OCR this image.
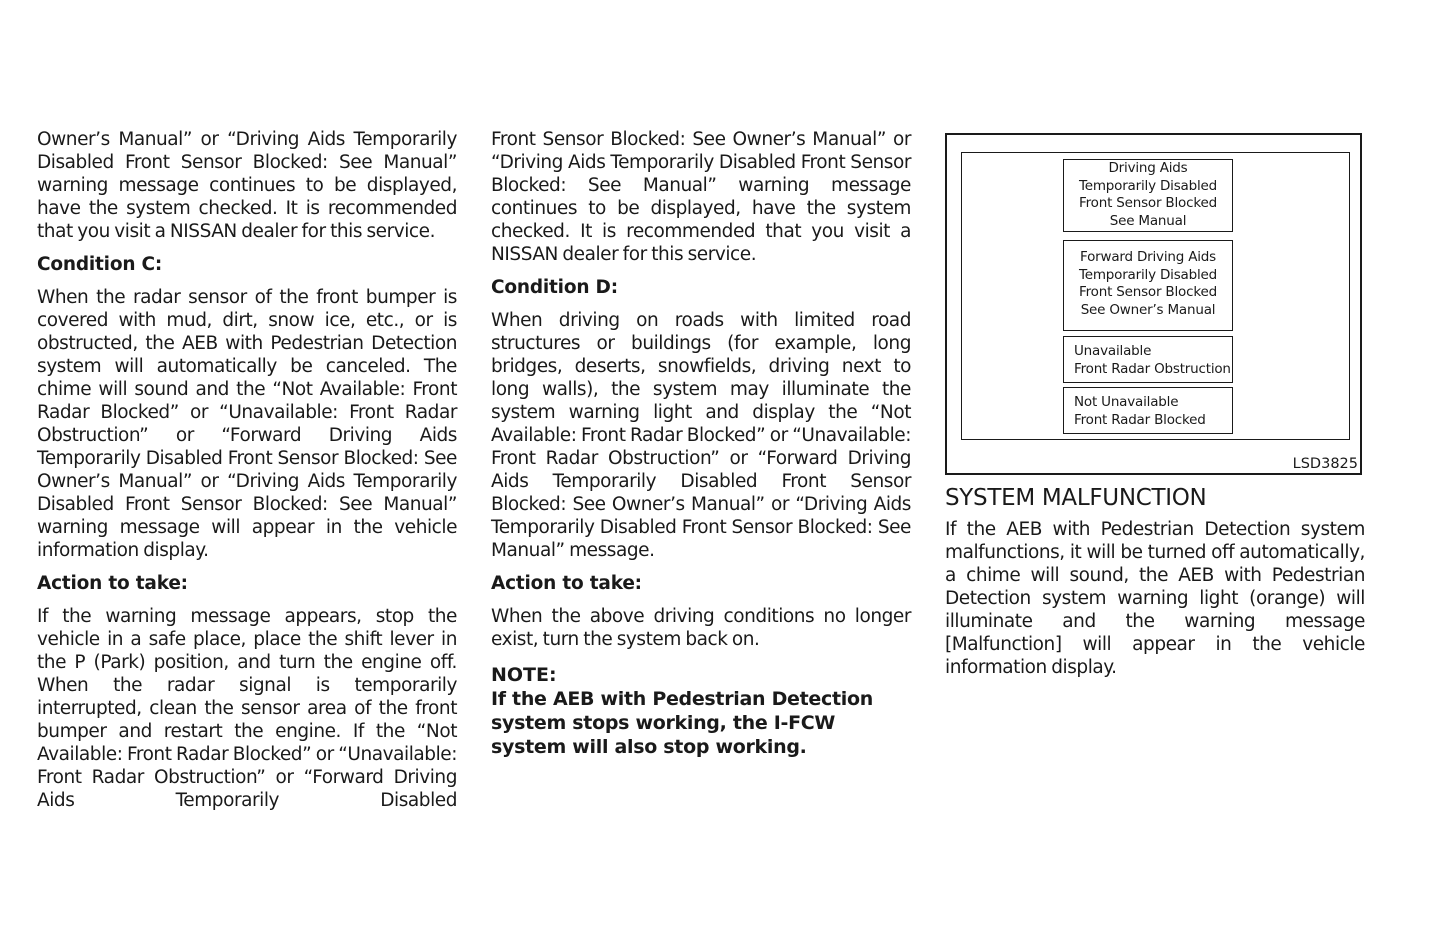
Owner’s Manual” or “Driving Aids Temporarily Disabled Front Sensor Blocked: See Manual” warning message continues to be displayed, have the system checked. It is recommended that you visit a NISSAN dealer for this service.

Condition C:

When the radar sensor of the front bumper is covered with mud, dirt, snow ice, etc., or is obstructed, the AEB with Pedestrian Detection system will automatically be canceled. The chime will sound and the “Not Available: Front Radar Blocked” or “Unavailable: Front Radar Obstruction” or “Forward Driving Aids Temporarily Disabled Front Sensor Blocked: See Owner’s Manual” or “Driving Aids Temporarily Disabled Front Sensor Blocked: See Manual” warning message will appear in the vehicle information display.

Action to take:

If the warning message appears, stop the vehicle in a safe place, place the shift lever in the P (Park) position, and turn the engine off. When the radar signal is temporarily interrupted, clean the sensor area of the front bumper and restart the engine. If the “Not Available: Front Radar Blocked” or “Unavailable: Front Radar Obstruction” or “Forward Driving Aids Temporarily Disabled

Front Sensor Blocked: See Owner’s Manual” or “Driving Aids Temporarily Disabled Front Sensor Blocked: See Manual” warning message continues to be displayed, have the system checked. It is recommended that you visit a NISSAN dealer for this service.

Condition D:

When driving on roads with limited road structures or buildings (for example, long bridges, deserts, snowfields, driving next to long walls), the system may illuminate the system warning light and display the “Not Available: Front Radar Blocked” or “Unavailable: Front Radar Obstruction” or “Forward Driving Aids Temporarily Disabled Front Sensor Blocked: See Owner’s Manual” or “Driving Aids Temporarily Disabled Front Sensor Blocked: See Manual” message.

Action to take:

When the above driving conditions no longer exist, turn the system back on.

NOTE:

If the AEB with Pedestrian Detection system stops working, the I-FCW system will also stop working.

Driving Aids
Temporarily Disabled
Front Sensor Blocked
See Manual
Forward Driving Aids
Temporarily Disabled
Front Sensor Blocked
See Owner’s Manual
Unavailable
Front Radar Obstruction
Not Unavailable
Front Radar Blocked
LSD3825
SYSTEM MALFUNCTION

If the AEB with Pedestrian Detection system malfunctions, it will be turned off automatically, a chime will sound, the AEB with Pedestrian Detection system warning light (orange) will illuminate and the warning message [Malfunction] will appear in the vehicle information display.
